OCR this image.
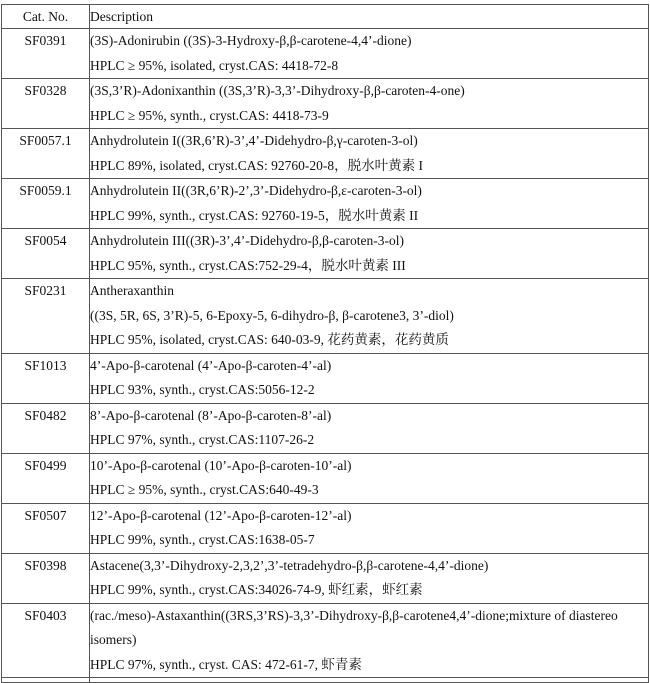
Cat. No.	Description
SF0391	(3S)-Adonirubin ((3S)-3-Hydroxy-β,β-carotene-4,4’-dione)
HPLC ≥ 95%, isolated, cryst.CAS: 4418-72-8

SF0328	(3S,3’R)-Adonixanthin ((3S,3’R)-3,3’-Dihydroxy-β,β-caroten-4-one)
HPLC ≥ 95%, synth., cryst.CAS: 4418-73-9

SF0057.1	Anhydrolutein I((3R,6’R)-3’,4’-Didehydro-β,γ-caroten-3-ol)
HPLC 89%, isolated, cryst.CAS: 92760-20-8，脱水叶黄素 I

SF0059.1	Anhydrolutein II((3R,6’R)-2’,3’-Didehydro-β,ε-caroten-3-ol)
HPLC 99%, synth., cryst.CAS: 92760-19-5，脱水叶黄素 II

SF0054	Anhydrolutein III((3R)-3’,4’-Didehydro-β,β-caroten-3-ol)
HPLC 95%, synth., cryst.CAS:752-29-4，脱水叶黄素 III

SF0231	Antheraxanthin
((3S, 5R, 6S, 3’R)-5, 6-Epoxy-5, 6-dihydro-β, β-carotene3, 3’-diol)
HPLC 95%, isolated, cryst.CAS: 640-03-9, 花药黄素，花药黄质

SF1013	4’-Apo-β-carotenal (4’-Apo-β-caroten-4’-al)
HPLC 93%, synth., cryst.CAS:5056-12-2

SF0482	8’-Apo-β-carotenal (8’-Apo-β-caroten-8’-al)
HPLC 97%, synth., cryst.CAS:1107-26-2

SF0499	10’-Apo-β-carotenal (10’-Apo-β-caroten-10’-al)
HPLC ≥ 95%, synth., cryst.CAS:640-49-3

SF0507	12’-Apo-β-carotenal (12’-Apo-β-caroten-12’-al)
HPLC 99%, synth., cryst.CAS:1638-05-7

SF0398	Astacene(3,3’-Dihydroxy-2,3,2’,3’-tetradehydro-β,β-carotene-4,4’-dione)
HPLC 99%, synth., cryst.CAS:34026-74-9, 虾红素，虾红素

SF0403	(rac./meso)-Astaxanthin((3RS,3’RS)-3,3’-Dihydroxy-β,β-carotene4,4’-dione;mixture of diastereo isomers)
HPLC 97%, synth., cryst. CAS: 472-61-7, 虾青素
